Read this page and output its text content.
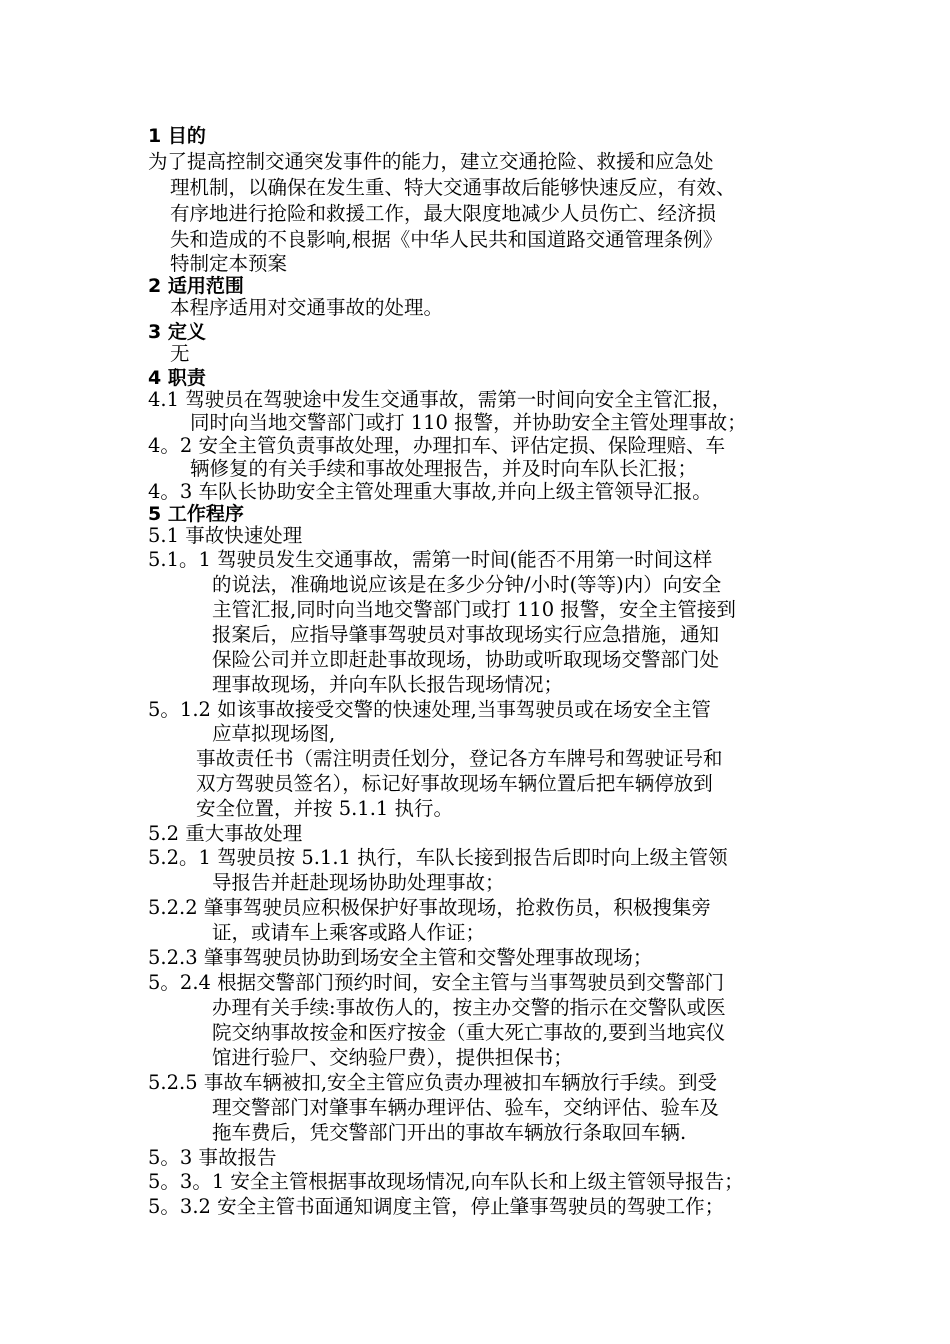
1 目的
为了提高控制交通突发事件的能力，建立交通抢险、救援和应急处
理机制，以确保在发生重、特大交通事故后能够快速反应，有效、
有序地进行抢险和救援工作，最大限度地减少人员伤亡、经济损
失和造成的不良影响,根据《中华人民共和国道路交通管理条例》
特制定本预案
2 适用范围
本程序适用对交通事故的处理。
3 定义
无
4 职责
4.1 驾驶员在驾驶途中发生交通事故，需第一时间向安全主管汇报，
同时向当地交警部门或打 110 报警，并协助安全主管处理事故；
4。2 安全主管负责事故处理，办理扣车、评估定损、保险理赔、车
辆修复的有关手续和事故处理报告，并及时向车队长汇报；
4。3 车队长协助安全主管处理重大事故,并向上级主管领导汇报。
5 工作程序
5.1 事故快速处理
5.1。1 驾驶员发生交通事故，需第一时间(能否不用第一时间这样
的说法，准确地说应该是在多少分钟/小时(等等)内）向安全
主管汇报,同时向当地交警部门或打 110 报警，安全主管接到
报案后，应指导肇事驾驶员对事故现场实行应急措施，通知
保险公司并立即赶赴事故现场，协助或听取现场交警部门处
理事故现场，并向车队长报告现场情况；
5。1.2 如该事故接受交警的快速处理,当事驾驶员或在场安全主管
应草拟现场图,
事故责任书（需注明责任划分，登记各方车牌号和驾驶证号和
双方驾驶员签名），标记好事故现场车辆位置后把车辆停放到
安全位置，并按 5.1.1 执行。
5.2 重大事故处理
5.2。1 驾驶员按 5.1.1 执行，车队长接到报告后即时向上级主管领
导报告并赶赴现场协助处理事故；
5.2.2 肇事驾驶员应积极保护好事故现场，抢救伤员，积极搜集旁
证，或请车上乘客或路人作证；
5.2.3 肇事驾驶员协助到场安全主管和交警处理事故现场；
5。2.4 根据交警部门预约时间，安全主管与当事驾驶员到交警部门
办理有关手续:事故伤人的，按主办交警的指示在交警队或医
院交纳事故按金和医疗按金（重大死亡事故的,要到当地宾仪
馆进行验尸、交纳验尸费），提供担保书；
5.2.5 事故车辆被扣,安全主管应负责办理被扣车辆放行手续。到受
理交警部门对肇事车辆办理评估、验车，交纳评估、验车及
拖车费后，凭交警部门开出的事故车辆放行条取回车辆.
5。3 事故报告
5。3。1 安全主管根据事故现场情况,向车队长和上级主管领导报告；
5。3.2 安全主管书面通知调度主管，停止肇事驾驶员的驾驶工作；
